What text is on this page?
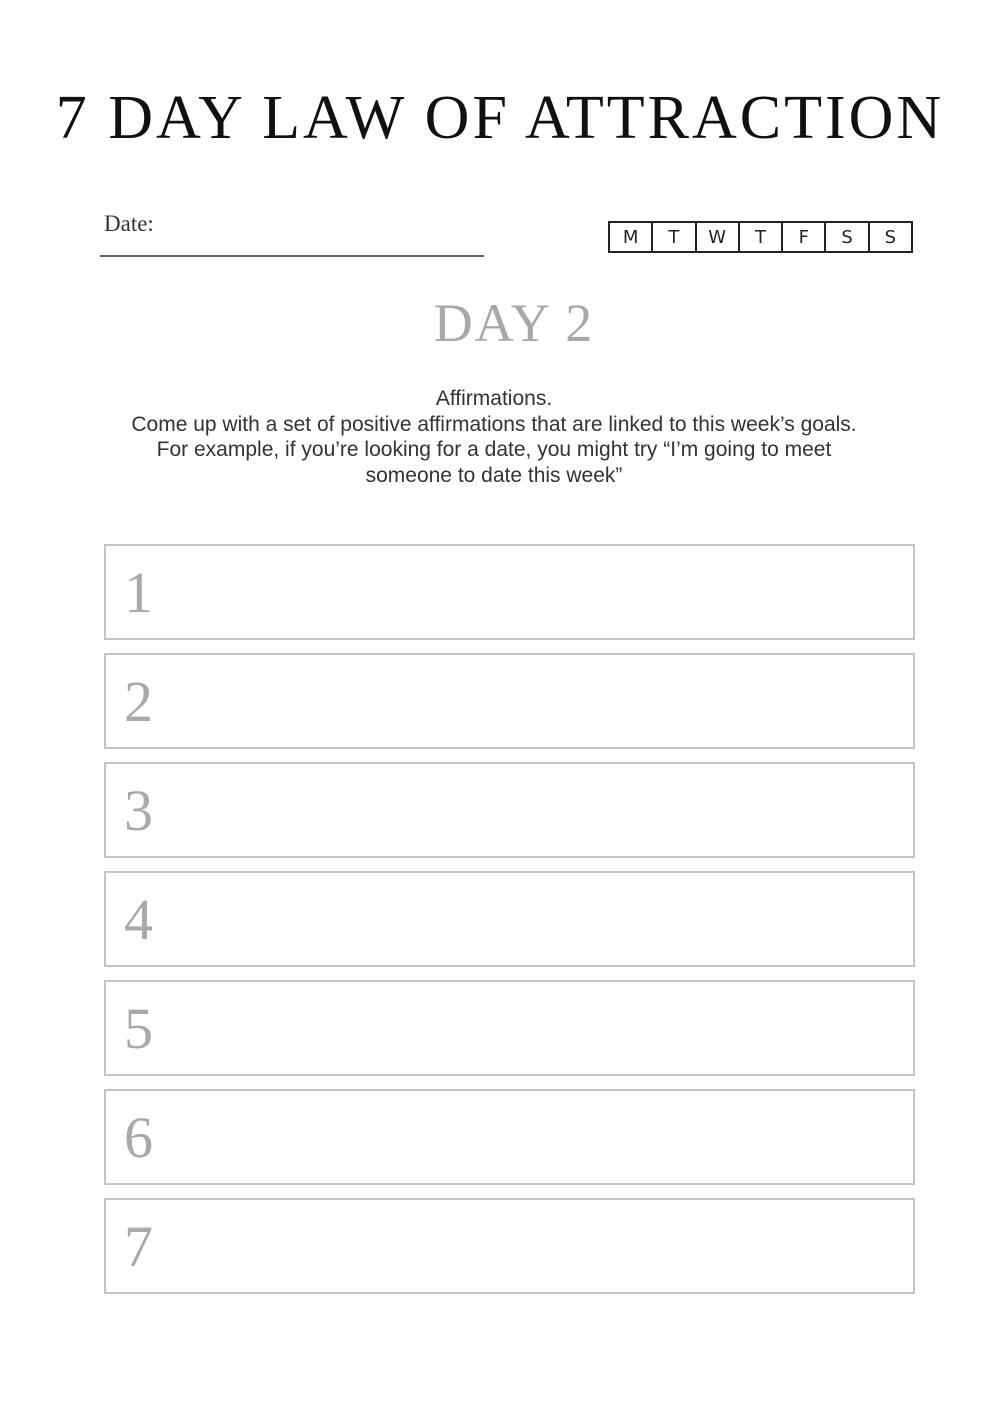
7 DAY LAW OF ATTRACTION
Date:
M	T	W	T	F	S	S
DAY 2
Affirmations.
Come up with a set of positive affirmations that are linked to this week’s goals.
For example, if you’re looking for a date, you might try “I’m going to meet
someone to date this week”
1
2
3
4
5
6
7
